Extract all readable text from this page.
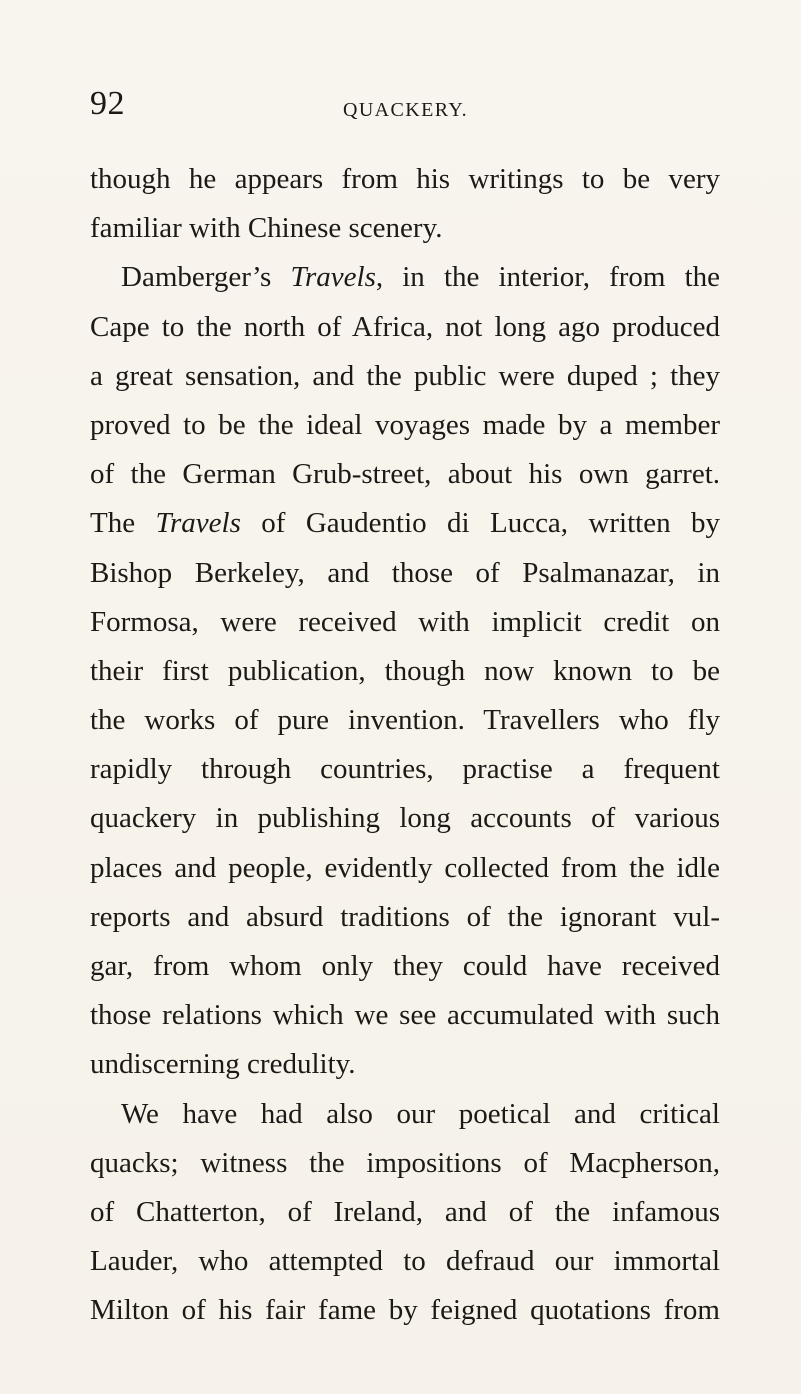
92	QUACKERY.
though he appears from his writings to be very
familiar with Chinese scenery.
Damberger’s Travels, in the interior, from the
Cape to the north of Africa, not long ago produced
a great sensation, and the public were duped ; they
proved to be the ideal voyages made by a member
of the German Grub-street, about his own garret.
The Travels of Gaudentio di Lucca, written by
Bishop Berkeley, and those of Psalmanazar, in
Formosa, were received with implicit credit on
their first publication, though now known to be
the works of pure invention. Travellers who fly
rapidly through countries, practise a frequent
quackery in publishing long accounts of various
places and people, evidently collected from the idle
reports and absurd traditions of the ignorant vul-
gar, from whom only they could have received
those relations which we see accumulated with such
undiscerning credulity.
We have had also our poetical and critical
quacks; witness the impositions of Macpherson,
of Chatterton, of Ireland, and of the infamous
Lauder, who attempted to defraud our immortal
Milton of his fair fame by feigned quotations from
